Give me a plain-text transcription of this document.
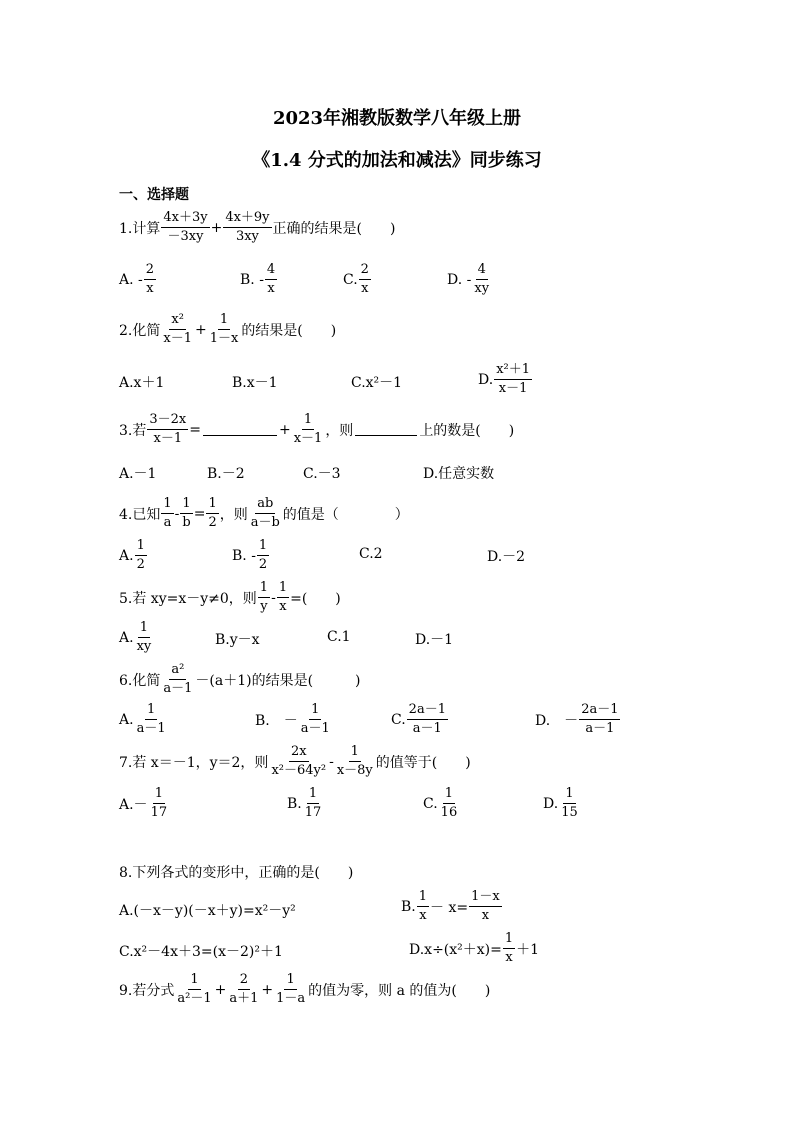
2023年湘教版数学八年级上册
《1.4 分式的加法和减法》同步练习
一、选择题
1.计算
4x＋3y
－3xy
+ $\frac{4x+9y}{3xy}$ 正确的结果是(　　)
A. -
2
x
B. -
4
x
C.
2
x
D. -
4
xy
2.化简
x²
x－1
+ $\frac{1}{1-x}$ 的结果是(　　)
A.x＋1	B.x－1	C.x²－1	D.
x²＋1
x－1
3.若 $\frac{3-2x}{x-1}$ =	+ $\frac{1}{x-1}$ ，则	上的数是(　　)
A.－1	B.－2	C.－3	D.任意实数
4.已知
1
a
- $\frac{1}{b} = \frac{1}{2}$ ，则
ab
a－b 的值是（　　　　）
A.
1
2
B. -
1
2
C.2	D.－2
5.若 xy=x－y≠0，则
1
y
- $\frac{1}{x}$ =(　　)
A.
1
xy	B.y－x	C.1	D.－1
6.化简
a²
a－1 －(a＋1)的结果是(　　　)
A.
1
a－1	B.　－
1
a－1
C.
2a－1
a－1	D.　－
2a－1
a－1
7.若 x＝－1，y＝2，则
2x
x²－64y²
-
1
x－8y 的值等于(　　)
A.－
1
17
B.
1
17
C.
1
16
D.
1
15
8.下列各式的变形中，正确的是(　　)
A.(－x－y)(－x＋y)=x²－y²	B.
1
$x - x= \frac{1-x}{x}$
C.x²－4x＋3=(x－2)²＋1	$D.x\div(x^2+x)= \frac{1}{x} +1$
9.若分式
1
a²－1
+ $\frac{2}{a+1} + \frac{1}{1-a}$ 的值为零，则 a 的值为(　　)
